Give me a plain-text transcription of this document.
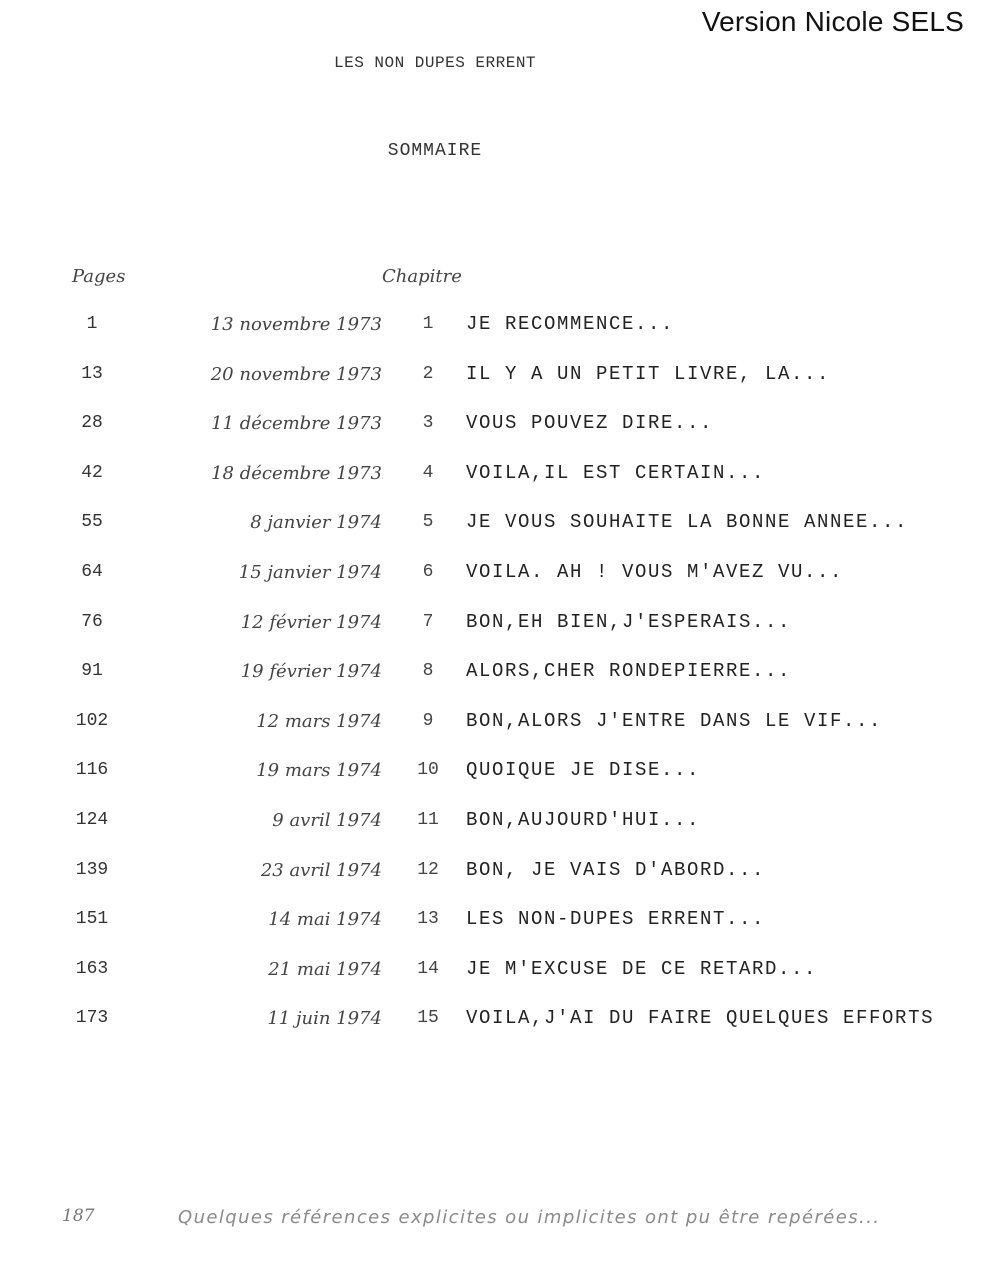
Version Nicole SELS
LES NON DUPES ERRENT
SOMMAIRE
Pages	Chapitre
1	13 novembre 1973	1	JE RECOMMENCE...
13	20 novembre 1973	2	IL Y A UN PETIT LIVRE, LA...
28	11 décembre 1973	3	VOUS POUVEZ DIRE...
42	18 décembre 1973	4	VOILA,IL EST CERTAIN...
55	8 janvier 1974	5	JE VOUS SOUHAITE LA BONNE ANNEE...
64	15 janvier 1974	6	VOILA. AH ! VOUS M'AVEZ VU...
76	12 février 1974	7	BON,EH BIEN,J'ESPERAIS...
91	19 février 1974	8	ALORS,CHER RONDEPIERRE...
102	12 mars 1974	9	BON,ALORS J'ENTRE DANS LE VIF...
116	19 mars 1974	10	QUOIQUE JE DISE...
124	9 avril 1974	11	BON,AUJOURD'HUI...
139	23 avril 1974	12	BON, JE VAIS D'ABORD...
151	14 mai 1974	13	LES NON-DUPES ERRENT...
163	21 mai 1974	14	JE M'EXCUSE DE CE RETARD...
173	11 juin 1974	15	VOILA,J'AI DU FAIRE QUELQUES EFFORTS
187	Quelques références explicites ou implicites ont pu être repérées...
